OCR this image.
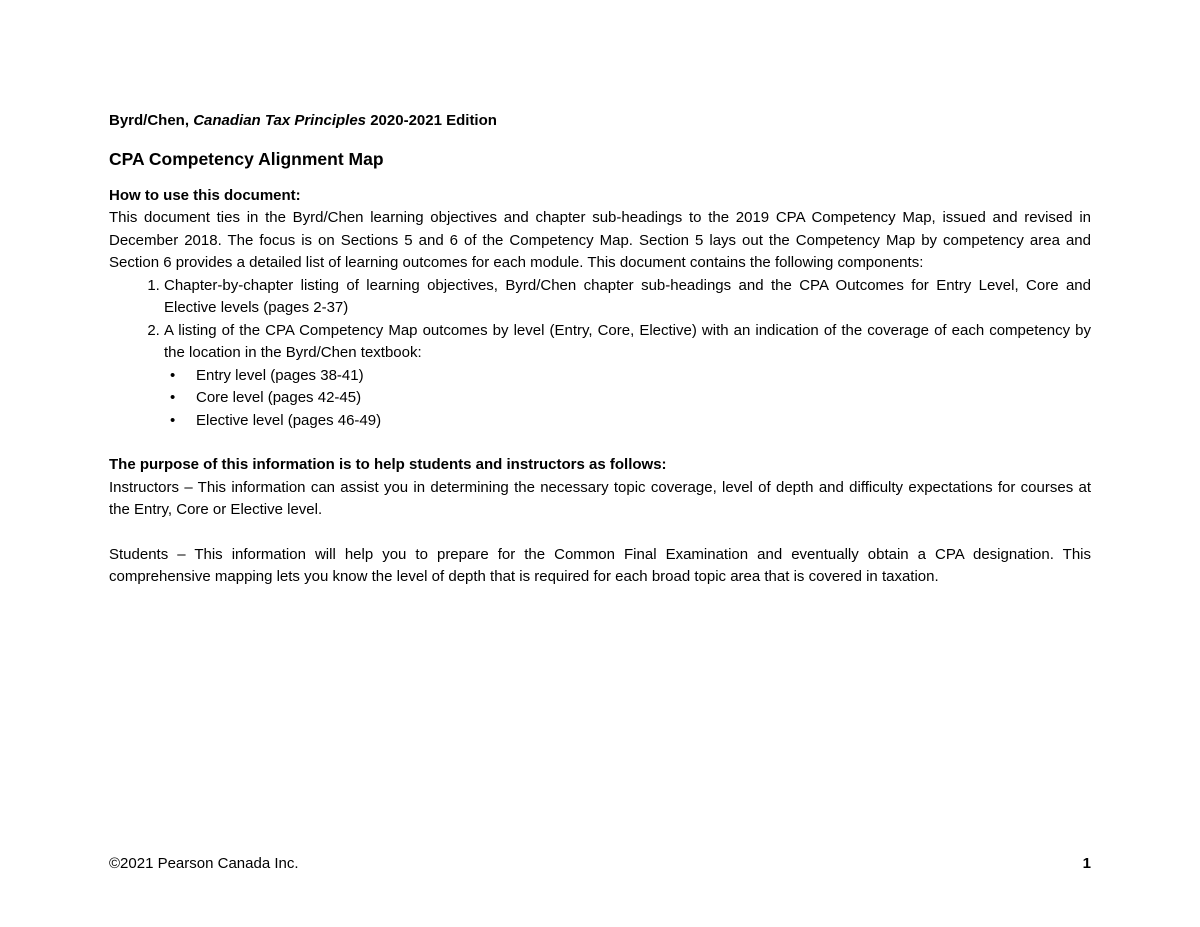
Byrd/Chen, Canadian Tax Principles 2020-2021 Edition

CPA Competency Alignment Map

How to use this document:

This document ties in the Byrd/Chen learning objectives and chapter sub-headings to the 2019 CPA Competency Map, issued and revised in December 2018. The focus is on Sections 5 and 6 of the Competency Map. Section 5 lays out the Competency Map by competency area and Section 6 provides a detailed list of learning outcomes for each module. This document contains the following components:

1. Chapter-by-chapter listing of learning objectives, Byrd/Chen chapter sub-headings and the CPA Outcomes for Entry Level, Core and Elective levels (pages 2-37)
2. A listing of the CPA Competency Map outcomes by level (Entry, Core, Elective) with an indication of the coverage of each competency by the location in the Byrd/Chen textbook:
• Entry level (pages 38-41)
• Core level (pages 42-45)
• Elective level (pages 46-49)

The purpose of this information is to help students and instructors as follows:

Instructors – This information can assist you in determining the necessary topic coverage, level of depth and difficulty expectations for courses at the Entry, Core or Elective level.

Students – This information will help you to prepare for the Common Final Examination and eventually obtain a CPA designation. This comprehensive mapping lets you know the level of depth that is required for each broad topic area that is covered in taxation.

©2021 Pearson Canada Inc.	1
